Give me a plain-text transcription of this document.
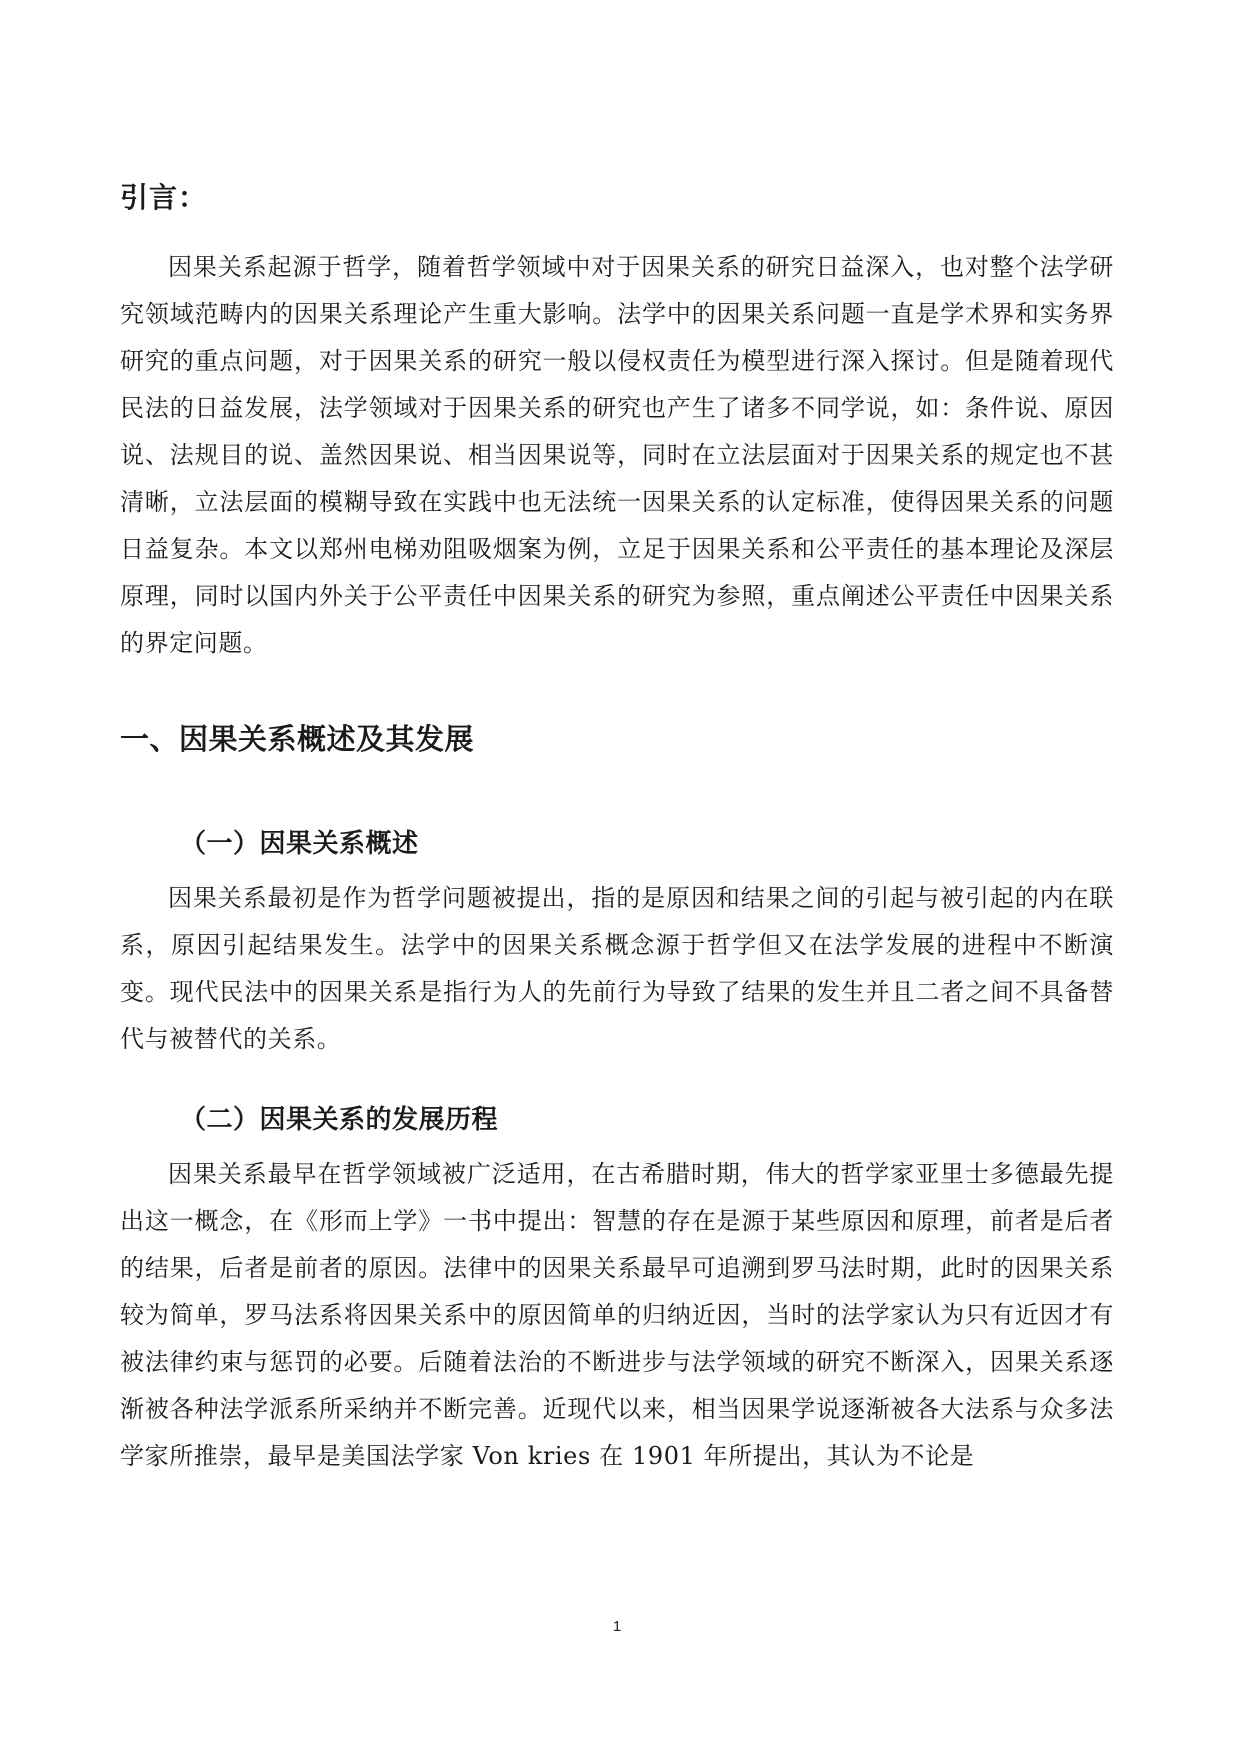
引言：

因果关系起源于哲学，随着哲学领域中对于因果关系的研究日益深入，也对整个法学研究领域范畴内的因果关系理论产生重大影响。法学中的因果关系问题一直是学术界和实务界研究的重点问题，对于因果关系的研究一般以侵权责任为模型进行深入探讨。但是随着现代民法的日益发展，法学领域对于因果关系的研究也产生了诸多不同学说，如：条件说、原因说、法规目的说、盖然因果说、相当因果说等，同时在立法层面对于因果关系的规定也不甚清晰，立法层面的模糊导致在实践中也无法统一因果关系的认定标准，使得因果关系的问题日益复杂。本文以郑州电梯劝阻吸烟案为例，立足于因果关系和公平责任的基本理论及深层原理，同时以国内外关于公平责任中因果关系的研究为参照，重点阐述公平责任中因果关系的界定问题。

一、因果关系概述及其发展
（一）因果关系概述

因果关系最初是作为哲学问题被提出，指的是原因和结果之间的引起与被引起的内在联系，原因引起结果发生。法学中的因果关系概念源于哲学但又在法学发展的进程中不断演变。现代民法中的因果关系是指行为人的先前行为导致了结果的发生并且二者之间不具备替代与被替代的关系。

（二）因果关系的发展历程

因果关系最早在哲学领域被广泛适用，在古希腊时期，伟大的哲学家亚里士多德最先提出这一概念，在《形而上学》一书中提出：智慧的存在是源于某些原因和原理，前者是后者的结果，后者是前者的原因。法律中的因果关系最早可追溯到罗马法时期，此时的因果关系较为简单，罗马法系将因果关系中的原因简单的归纳近因，当时的法学家认为只有近因才有被法律约束与惩罚的必要。后随着法治的不断进步与法学领域的研究不断深入，因果关系逐渐被各种法学派系所采纳并不断完善。近现代以来，相当因果学说逐渐被各大法系与众多法学家所推崇，最早是美国法学家 Von kries 在 1901 年所提出，其认为不论是

1
